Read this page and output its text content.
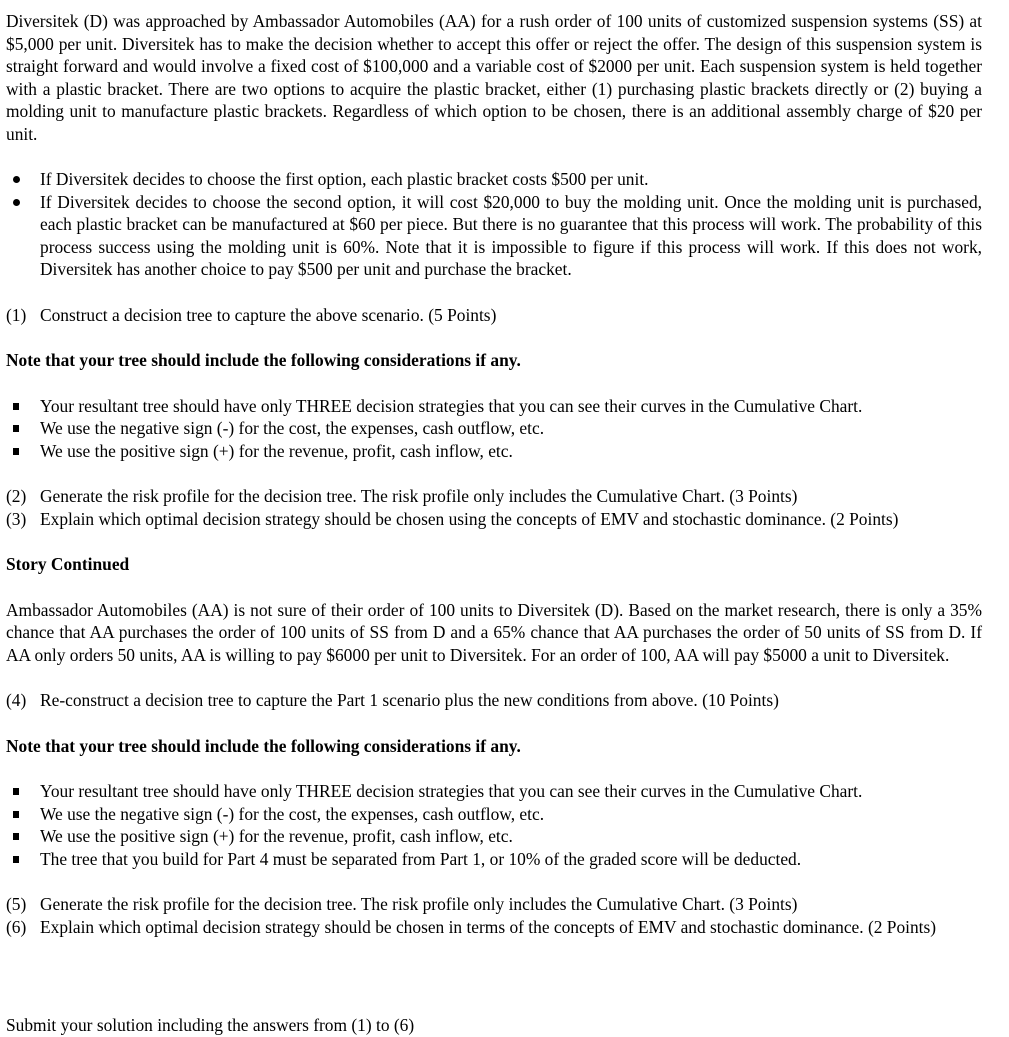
Diversitek (D) was approached by Ambassador Automobiles (AA) for a rush order of 100 units of customized suspension systems (SS) at $5,000 per unit. Diversitek has to make the decision whether to accept this offer or reject the offer. The design of this suspension system is straight forward and would involve a fixed cost of $100,000 and a variable cost of $2000 per unit. Each suspension system is held together with a plastic bracket. There are two options to acquire the plastic bracket, either (1) purchasing plastic brackets directly or (2) buying a molding unit to manufacture plastic brackets. Regardless of which option to be chosen, there is an additional assembly charge of $20 per unit.

If Diversitek decides to choose the first option, each plastic bracket costs $500 per unit.
If Diversitek decides to choose the second option, it will cost $20,000 to buy the molding unit. Once the molding unit is purchased, each plastic bracket can be manufactured at $60 per piece. But there is no guarantee that this process will work. The probability of this process success using the molding unit is 60%. Note that it is impossible to figure if this process will work. If this does not work, Diversitek has another choice to pay $500 per unit and purchase the bracket.
(1) Construct a decision tree to capture the above scenario. (5 Points)

Note that your tree should include the following considerations if any.

Your resultant tree should have only THREE decision strategies that you can see their curves in the Cumulative Chart.
We use the negative sign (-) for the cost, the expenses, cash outflow, etc.
We use the positive sign (+) for the revenue, profit, cash inflow, etc.
(2) Generate the risk profile for the decision tree. The risk profile only includes the Cumulative Chart. (3 Points)
(3) Explain which optimal decision strategy should be chosen using the concepts of EMV and stochastic dominance. (2 Points)

Story Continued

Ambassador Automobiles (AA) is not sure of their order of 100 units to Diversitek (D). Based on the market research, there is only a 35% chance that AA purchases the order of 100 units of SS from D and a 65% chance that AA purchases the order of 50 units of SS from D. If AA only orders 50 units, AA is willing to pay $6000 per unit to Diversitek. For an order of 100, AA will pay $5000 a unit to Diversitek.

(4) Re-construct a decision tree to capture the Part 1 scenario plus the new conditions from above. (10 Points)

Note that your tree should include the following considerations if any.

Your resultant tree should have only THREE decision strategies that you can see their curves in the Cumulative Chart.
We use the negative sign (-) for the cost, the expenses, cash outflow, etc.
We use the positive sign (+) for the revenue, profit, cash inflow, etc.
The tree that you build for Part 4 must be separated from Part 1, or 10% of the graded score will be deducted.
(5) Generate the risk profile for the decision tree. The risk profile only includes the Cumulative Chart. (3 Points)
(6) Explain which optimal decision strategy should be chosen in terms of the concepts of EMV and stochastic dominance. (2 Points)
Submit your solution including the answers from (1) to (6)
